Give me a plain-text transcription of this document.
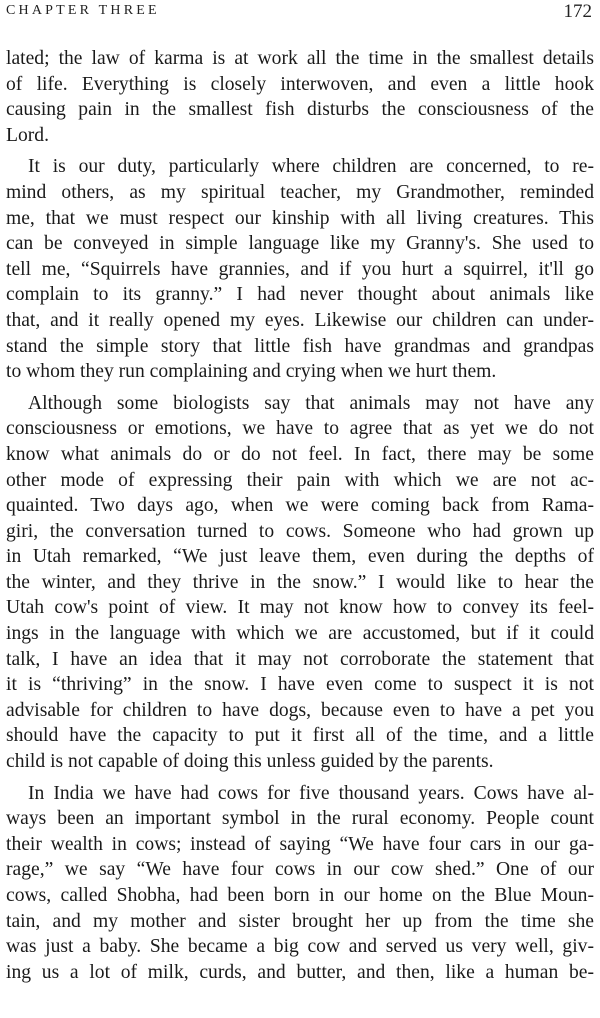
CHAPTER THREE	172
lated; the law of karma is at work all the time in the smallest details
of life. Everything is closely interwoven, and even a little hook
causing pain in the smallest fish disturbs the consciousness of the
Lord.
It is our duty, particularly where children are concerned, to re-
mind others, as my spiritual teacher, my Grandmother, reminded
me, that we must respect our kinship with all living creatures. This
can be conveyed in simple language like my Granny's. She used to
tell me, “Squirrels have grannies, and if you hurt a squirrel, it'll go
complain to its granny.” I had never thought about animals like
that, and it really opened my eyes. Likewise our children can under-
stand the simple story that little fish have grandmas and grandpas
to whom they run complaining and crying when we hurt them.
Although some biologists say that animals may not have any
consciousness or emotions, we have to agree that as yet we do not
know what animals do or do not feel. In fact, there may be some
other mode of expressing their pain with which we are not ac-
quainted. Two days ago, when we were coming back from Rama-
giri, the conversation turned to cows. Someone who had grown up
in Utah remarked, “We just leave them, even during the depths of
the winter, and they thrive in the snow.” I would like to hear the
Utah cow's point of view. It may not know how to convey its feel-
ings in the language with which we are accustomed, but if it could
talk, I have an idea that it may not corroborate the statement that
it is “thriving” in the snow. I have even come to suspect it is not
advisable for children to have dogs, because even to have a pet you
should have the capacity to put it first all of the time, and a little
child is not capable of doing this unless guided by the parents.
In India we have had cows for five thousand years. Cows have al-
ways been an important symbol in the rural economy. People count
their wealth in cows; instead of saying “We have four cars in our ga-
rage,” we say “We have four cows in our cow shed.” One of our
cows, called Shobha, had been born in our home on the Blue Moun-
tain, and my mother and sister brought her up from the time she
was just a baby. She became a big cow and served us very well, giv-
ing us a lot of milk, curds, and butter, and then, like a human be-
